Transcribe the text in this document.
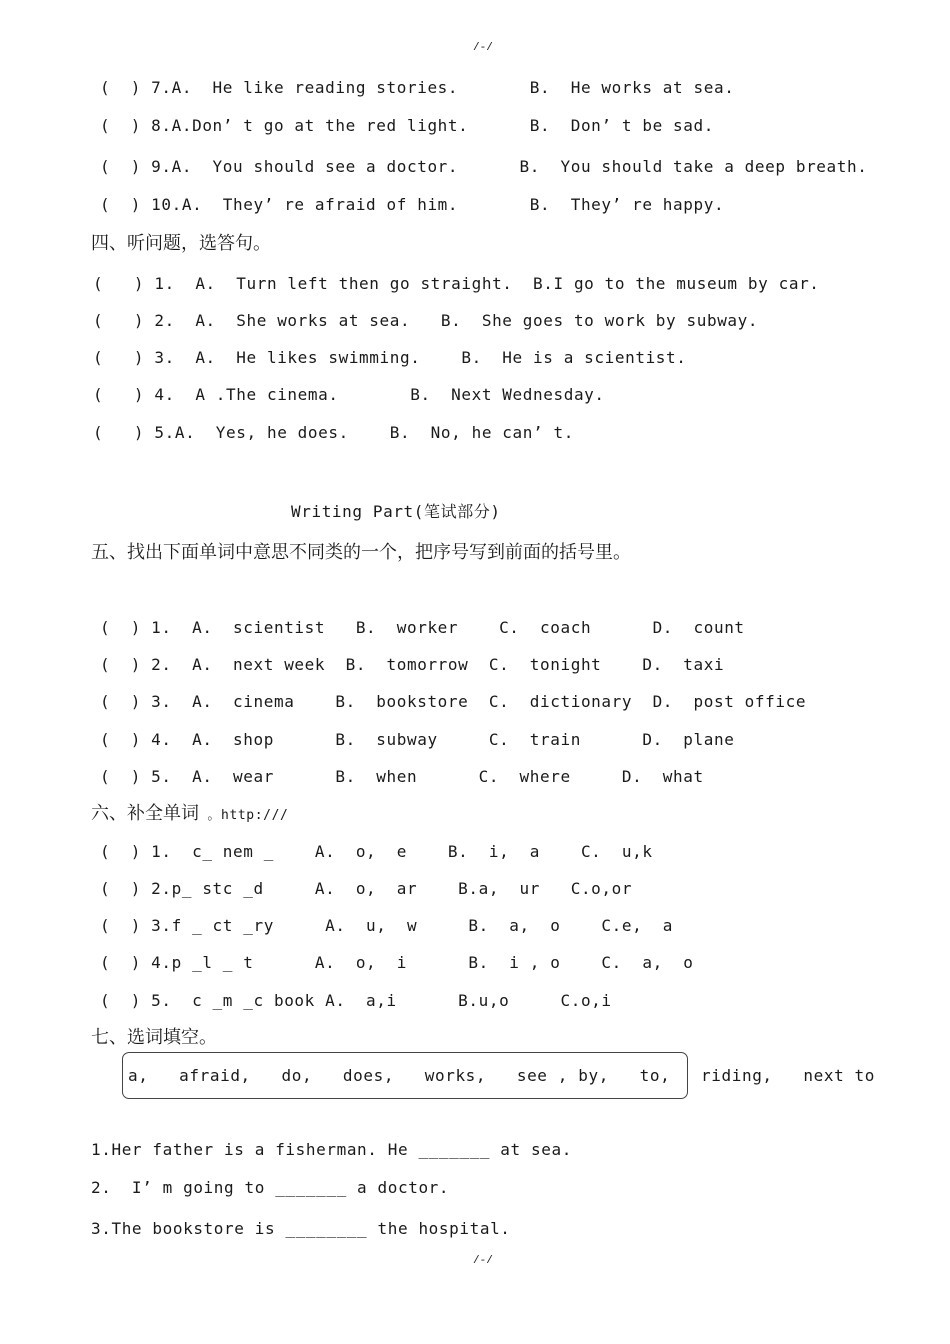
/-/
(  ) 7.A.  He like reading stories.       B.  He works at sea.
(  ) 8.A.Don’ t go at the red light.      B.  Don’ t be sad.
(  ) 9.A.  You should see a doctor.      B.  You should take a deep breath.
(  ) 10.A.  They’ re afraid of him.       B.  They’ re happy.
四、听问题，选答句。
(   ) 1.  A.  Turn left then go straight.  B.I go to the museum by car.
(   ) 2.  A.  She works at sea.   B.  She goes to work by subway.
(   ) 3.  A.  He likes swimming.    B.  He is a scientist.
(   ) 4.  A .The cinema.       B.  Next Wednesday.
(   ) 5.A.  Yes, he does.    B.  No, he can’ t.
Writing Part(笔试部分)
五、找出下面单词中意思不同类的一个，把序号写到前面的括号里。
(  ) 1.  A.  scientist   B.  worker    C.  coach      D.  count
(  ) 2.  A.  next week  B.  tomorrow  C.  tonight    D.  taxi
(  ) 3.  A.  cinema    B.  bookstore  C.  dictionary  D.  post office
(  ) 4.  A.  shop      B.  subway     C.  train      D.  plane
(  ) 5.  A.  wear      B.  when      C.  where     D.  what
六、补全单词 。http:///
(  ) 1.  c_ nem _    A.  o,  e    B.  i,  a    C.  u,k
(  ) 2.p_ stc _d     A.  o,  ar    B.a,  ur   C.o,or
(  ) 3.f _ ct _ry     A.  u,  w     B.  a,  o    C.e,  a
(  ) 4.p _l _ t      A.  o,  i      B.  i , o    C.  a,  o
(  ) 5.  c _m _c book A.  a,i      B.u,o     C.o,i
七、选词填空。
a,   afraid,   do,   does,   works,   see , by,   to,   riding,   next to
1.Her father is a fisherman. He _______ at sea.
2.  I’ m going to _______ a doctor.
3.The bookstore is ________ the hospital.
/-/
